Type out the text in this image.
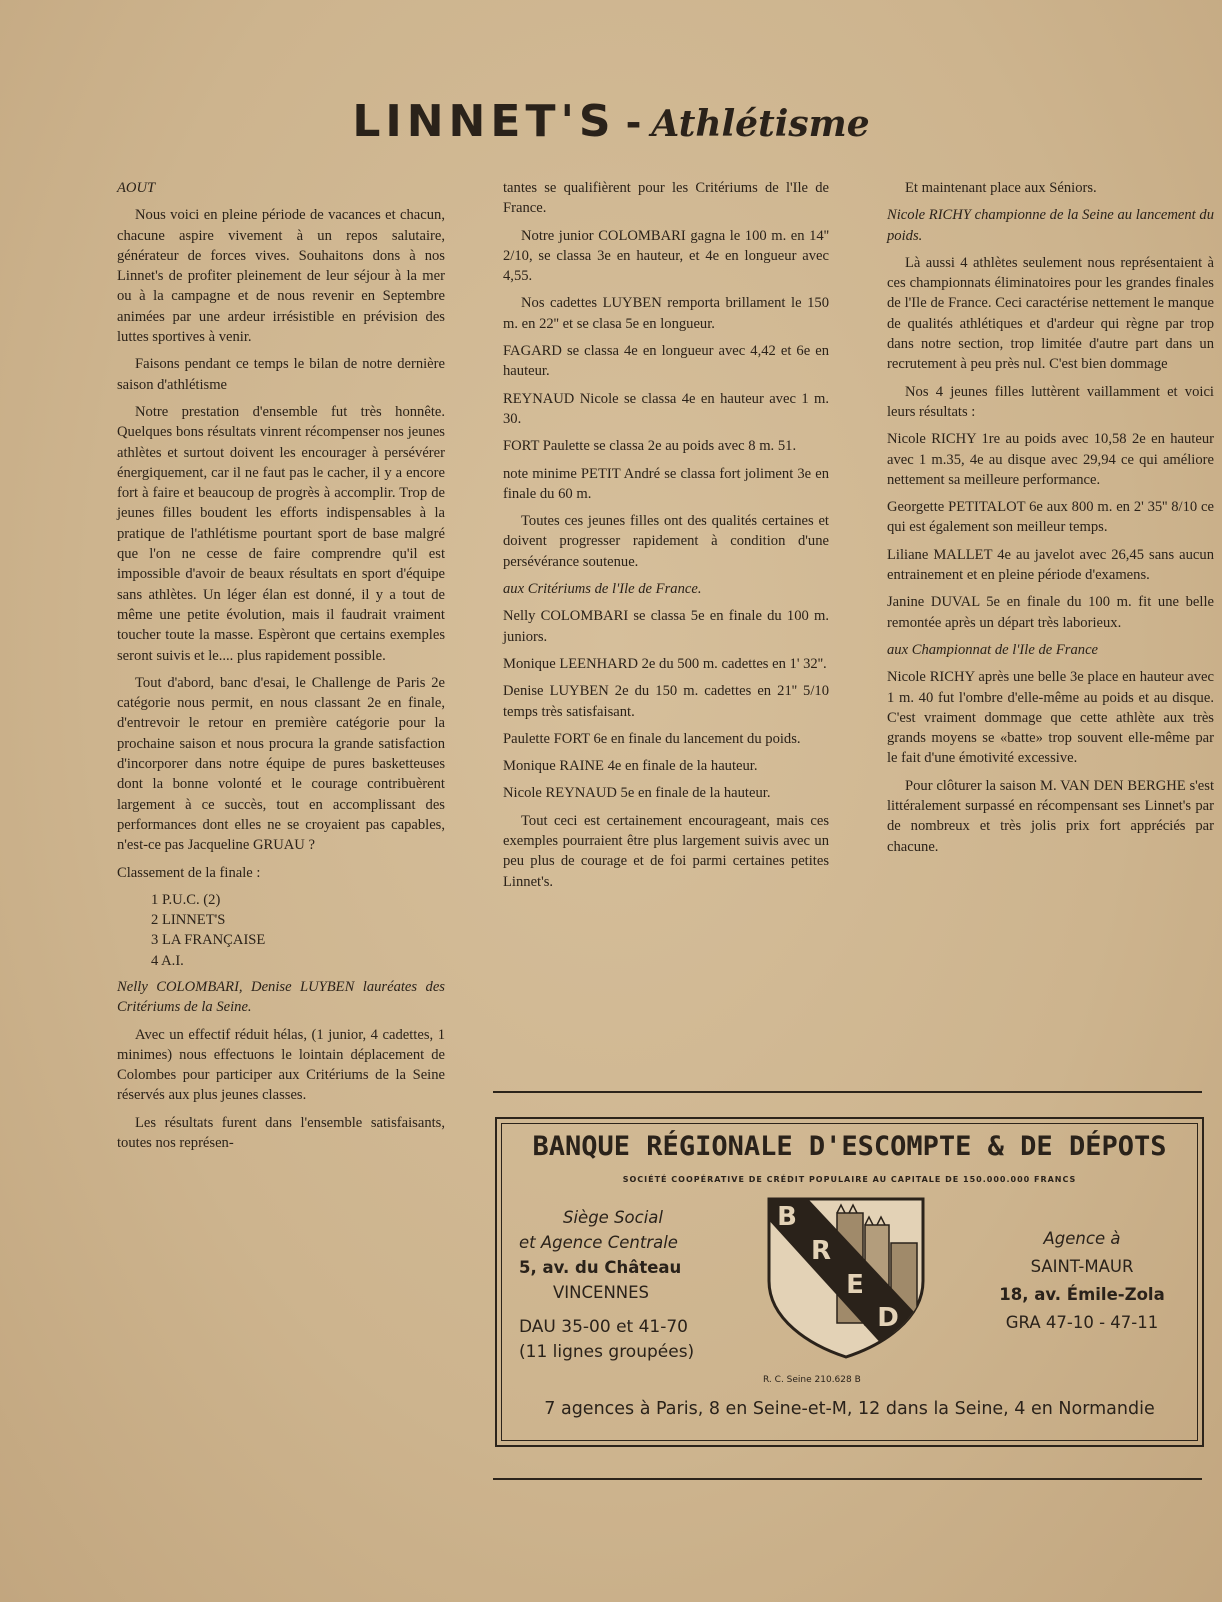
LINNET'S - Athlétisme

AOUT

Nous voici en pleine période de vacances et chacun, chacune aspire vivement à un repos salutaire, générateur de forces vives. Souhaitons dons à nos Linnet's de profiter pleinement de leur séjour à la mer ou à la campagne et de nous revenir en Septembre animées par une ardeur irrésistible en prévision des luttes sportives à venir.

Faisons pendant ce temps le bilan de notre dernière saison d'athlétisme

Notre prestation d'ensemble fut très honnête. Quelques bons résultats vinrent récompenser nos jeunes athlètes et surtout doivent les encourager à persévérer énergiquement, car il ne faut pas le cacher, il y a encore fort à faire et beaucoup de progrès à accomplir. Trop de jeunes filles boudent les efforts indispensables à la pratique de l'athlétisme pourtant sport de base malgré que l'on ne cesse de faire comprendre qu'il est impossible d'avoir de beaux résultats en sport d'équipe sans athlètes. Un léger élan est donné, il y a tout de même une petite évolution, mais il faudrait vraiment toucher toute la masse. Espèront que certains exemples seront suivis et le.... plus rapidement possible.

Tout d'abord, banc d'esai, le Challenge de Paris 2e catégorie nous permit, en nous classant 2e en finale, d'entrevoir le retour en première catégorie pour la prochaine saison et nous procura la grande satisfaction d'incorporer dans notre équipe de pures basketteuses dont la bonne volonté et le courage contribuèrent largement à ce succès, tout en accomplissant des performances dont elles ne se croyaient pas capables, n'est-ce pas Jacqueline GRUAU ?

Classement de la finale :

1 P.U.C. (2)
2 LINNET'S
3 LA FRANÇAISE
4 A.I.

Nelly COLOMBARI, Denise LUYBEN lauréates des Critériums de la Seine.

Avec un effectif réduit hélas, (1 junior, 4 cadettes, 1 minimes) nous effectuons le lointain déplacement de Colombes pour participer aux Critériums de la Seine réservés aux plus jeunes classes.

Les résultats furent dans l'ensemble satisfaisants, toutes nos représen-

tantes se qualifièrent pour les Critériums de l'Ile de France.

Notre junior COLOMBARI gagna le 100 m. en 14'' 2/10, se classa 3e en hauteur, et 4e en longueur avec 4,55.

Nos cadettes LUYBEN remporta brillament le 150 m. en 22'' et se clasa 5e en longueur.

FAGARD se classa 4e en longueur avec 4,42 et 6e en hauteur.

REYNAUD Nicole se classa 4e en hauteur avec 1 m. 30.

FORT Paulette se classa 2e au poids avec 8 m. 51.

note minime PETIT André se classa fort joliment 3e en finale du 60 m.

Toutes ces jeunes filles ont des qualités certaines et doivent progresser rapidement à condition d'une persévérance soutenue.

aux Critériums de l'Ile de France.

Nelly COLOMBARI se classa 5e en finale du 100 m. juniors.

Monique LEENHARD 2e du 500 m. cadettes en 1' 32''.

Denise LUYBEN 2e du 150 m. cadettes en 21'' 5/10 temps très satisfaisant.

Paulette FORT 6e en finale du lancement du poids.

Monique RAINE 4e en finale de la hauteur.

Nicole REYNAUD 5e en finale de la hauteur.

Tout ceci est certainement encourageant, mais ces exemples pourraient être plus largement suivis avec un peu plus de courage et de foi parmi certaines petites Linnet's.

Et maintenant place aux Séniors.

Nicole RICHY championne de la Seine au lancement du poids.

Là aussi 4 athlètes seulement nous représentaient à ces championnats éliminatoires pour les grandes finales de l'Ile de France. Ceci caractérise nettement le manque de qualités athlétiques et d'ardeur qui règne par trop dans notre section, trop limitée d'autre part dans un recrutement à peu près nul. C'est bien dommage

Nos 4 jeunes filles luttèrent vaillamment et voici leurs résultats :

Nicole RICHY 1re au poids avec 10,58 2e en hauteur avec 1 m.35, 4e au disque avec 29,94 ce qui améliore nettement sa meilleure performance.

Georgette PETITALOT 6e aux 800 m. en 2' 35'' 8/10 ce qui est également son meilleur temps.

Liliane MALLET 4e au javelot avec 26,45 sans aucun entrainement et en pleine période d'examens.

Janine DUVAL 5e en finale du 100 m. fit une belle remontée après un départ très laborieux.

aux Championnat de l'Ile de France

Nicole RICHY après une belle 3e place en hauteur avec 1 m. 40 fut l'ombre d'elle-même au poids et au disque. C'est vraiment dommage que cette athlète aux très grands moyens se «batte» trop souvent elle-même par le fait d'une émotivité excessive.

Pour clôturer la saison M. VAN DEN BERGHE s'est littéralement surpassé en récompensant ses Linnet's par de nombreux et très jolis prix fort appréciés par chacune.

BANQUE RÉGIONALE D'ESCOMPTE & DE DÉPOTS
SOCIÉTÉ COOPÉRATIVE DE CRÉDIT POPULAIRE AU CAPITALE DE 150.000.000 FRANCS
Siège Social
et Agence Centrale
5, av. du Château
VINCENNES
DAU 35-00 et 41-70
(11 lignes groupées)
B
R
E
D
R. C. Seine 210.628 B
Agence à
SAINT-MAUR
18, av. Émile-Zola
GRA 47-10 - 47-11
7 agences à Paris, 8 en Seine-et-M, 12 dans la Seine, 4 en Normandie
